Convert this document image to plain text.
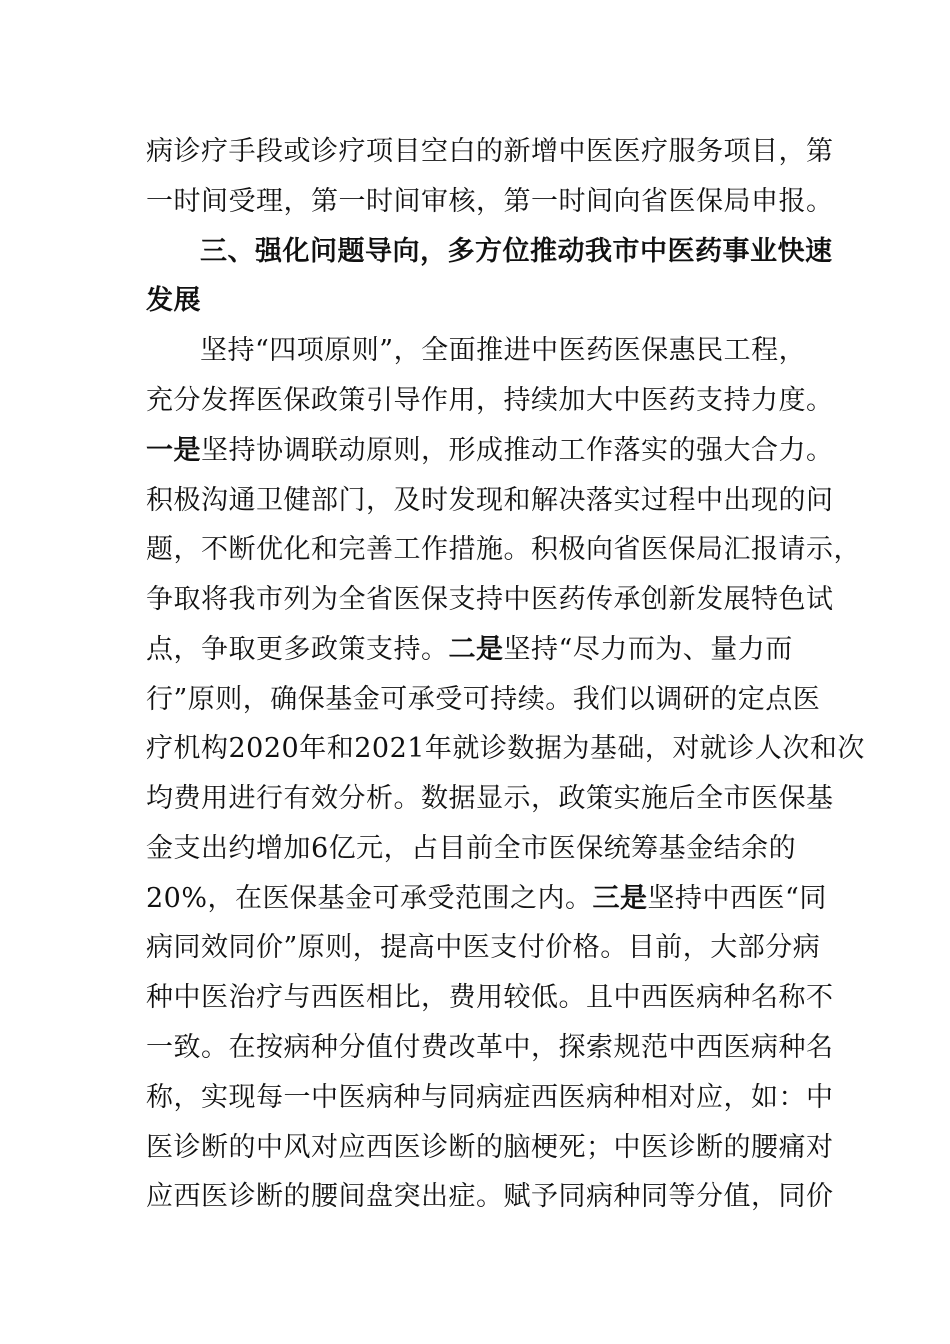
病诊疗手段或诊疗项目空白的新增中医医疗服务项目，第
一时间受理，第一时间审核，第一时间向省医保局申报。
三、强化问题导向，多方位推动我市中医药事业快速
发展
坚持“四项原则”，全面推进中医药医保惠民工程，
充分发挥医保政策引导作用，持续加大中医药支持力度。
一是坚持协调联动原则，形成推动工作落实的强大合力。
积极沟通卫健部门，及时发现和解决落实过程中出现的问
题，不断优化和完善工作措施。积极向省医保局汇报请示，
争取将我市列为全省医保支持中医药传承创新发展特色试
点，争取更多政策支持。二是坚持“尽力而为、量力而
行”原则，确保基金可承受可持续。我们以调研的定点医
疗机构2020年和2021年就诊数据为基础，对就诊人次和次
均费用进行有效分析。数据显示，政策实施后全市医保基
金支出约增加6亿元，占目前全市医保统筹基金结余的
20%，在医保基金可承受范围之内。三是坚持中西医“同
病同效同价”原则，提高中医支付价格。目前，大部分病
种中医治疗与西医相比，费用较低。且中西医病种名称不
一致。在按病种分值付费改革中，探索规范中西医病种名
称，实现每一中医病种与同病症西医病种相对应，如：中
医诊断的中风对应西医诊断的脑梗死；中医诊断的腰痛对
应西医诊断的腰间盘突出症。赋予同病种同等分值，同价
